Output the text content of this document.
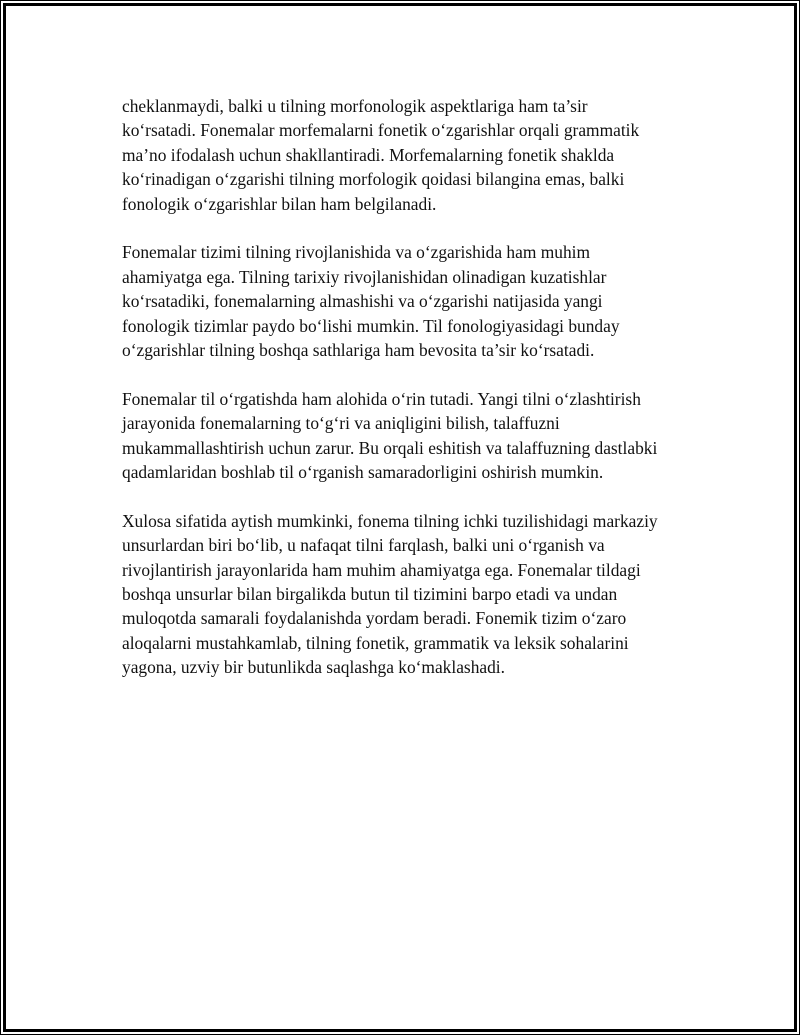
cheklanmaydi, balki u tilning morfonologik aspektlariga ham ta’sir
ko‘rsatadi. Fonemalar morfemalarni fonetik o‘zgarishlar orqali grammatik
ma’no ifodalash uchun shakllantiradi. Morfemalarning fonetik shaklda
ko‘rinadigan o‘zgarishi tilning morfologik qoidasi bilangina emas, balki
fonologik o‘zgarishlar bilan ham belgilanadi.

Fonemalar tizimi tilning rivojlanishida va o‘zgarishida ham muhim
ahamiyatga ega. Tilning tarixiy rivojlanishidan olinadigan kuzatishlar
ko‘rsatadiki, fonemalarning almashishi va o‘zgarishi natijasida yangi
fonologik tizimlar paydo bo‘lishi mumkin. Til fonologiyasidagi bunday
o‘zgarishlar tilning boshqa sathlariga ham bevosita ta’sir ko‘rsatadi.

Fonemalar til o‘rgatishda ham alohida o‘rin tutadi. Yangi tilni o‘zlashtirish
jarayonida fonemalarning to‘g‘ri va aniqligini bilish, talaffuzni
mukammallashtirish uchun zarur. Bu orqali eshitish va talaffuzning dastlabki
qadamlaridan boshlab til o‘rganish samaradorligini oshirish mumkin.

Xulosa sifatida aytish mumkinki, fonema tilning ichki tuzilishidagi markaziy
unsurlardan biri bo‘lib, u nafaqat tilni farqlash, balki uni o‘rganish va
rivojlantirish jarayonlarida ham muhim ahamiyatga ega. Fonemalar tildagi
boshqa unsurlar bilan birgalikda butun til tizimini barpo etadi va undan
muloqotda samarali foydalanishda yordam beradi. Fonemik tizim o‘zaro
aloqalarni mustahkamlab, tilning fonetik, grammatik va leksik sohalarini
yagona, uzviy bir butunlikda saqlashga ko‘maklashadi.
